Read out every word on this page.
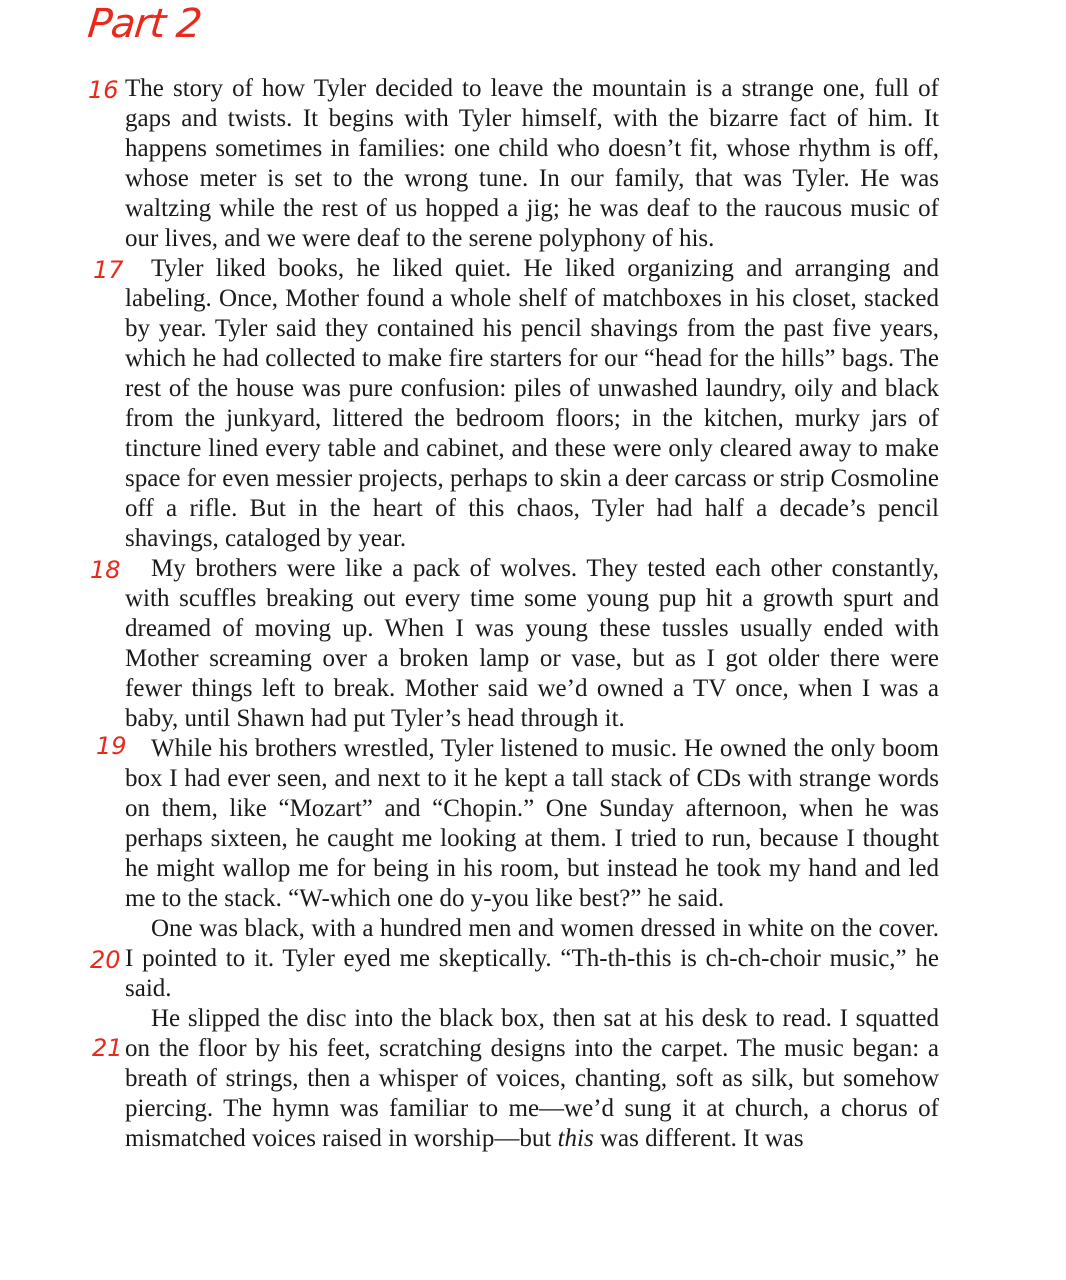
Part 2
16
17
18
19
20
21

The story of how Tyler decided to leave the mountain is a strange one, full of gaps and twists. It begins with Tyler himself, with the bizarre fact of him. It happens sometimes in families: one child who doesn’t fit, whose rhythm is off, whose meter is set to the wrong tune. In our family, that was Tyler. He was waltzing while the rest of us hopped a jig; he was deaf to the raucous music of our lives, and we were deaf to the serene polyphony of his.

Tyler liked books, he liked quiet. He liked organizing and arranging and labeling. Once, Mother found a whole shelf of matchboxes in his closet, stacked by year. Tyler said they contained his pencil shavings from the past five years, which he had collected to make fire starters for our “head for the hills” bags. The rest of the house was pure confusion: piles of unwashed laundry, oily and black from the junkyard, littered the bedroom floors; in the kitchen, murky jars of tincture lined every table and cabinet, and these were only cleared away to make space for even messier projects, perhaps to skin a deer carcass or strip Cosmoline off a rifle. But in the heart of this chaos, Tyler had half a decade’s pencil shavings, cataloged by year.

My brothers were like a pack of wolves. They tested each other constantly, with scuffles breaking out every time some young pup hit a growth spurt and dreamed of moving up. When I was young these tussles usually ended with Mother screaming over a broken lamp or vase, but as I got older there were fewer things left to break. Mother said we’d owned a TV once, when I was a baby, until Shawn had put Tyler’s head through it.

While his brothers wrestled, Tyler listened to music. He owned the only boom box I had ever seen, and next to it he kept a tall stack of CDs with strange words on them, like “Mozart” and “Chopin.” One Sunday afternoon, when he was perhaps sixteen, he caught me looking at them. I tried to run, because I thought he might wallop me for being in his room, but instead he took my hand and led me to the stack. “W-which one do y-you like best?” he said.

One was black, with a hundred men and women dressed in white on the cover. I pointed to it. Tyler eyed me skeptically. “Th-th-this is ch-ch-choir music,” he said.

He slipped the disc into the black box, then sat at his desk to read. I squatted on the floor by his feet, scratching designs into the carpet. The music began: a breath of strings, then a whisper of voices, chanting, soft as silk, but somehow piercing. The hymn was familiar to me—we’d sung it at church, a chorus of mismatched voices raised in worship—but this was different. It was
